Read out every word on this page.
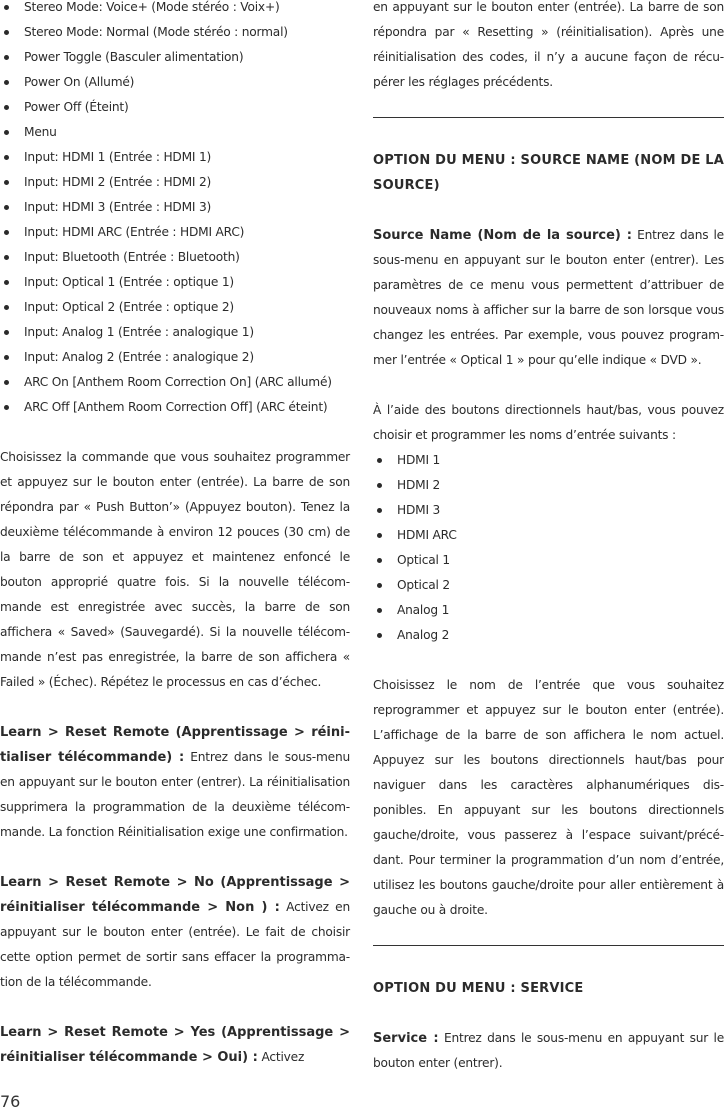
Stereo Mode: Voice+ (Mode stéréo : Voix+)
Stereo Mode: Normal (Mode stéréo : normal)
Power Toggle (Basculer alimentation)
Power On (Allumé)
Power Off (Éteint)
Menu
Input: HDMI 1 (Entrée : HDMI 1)
Input: HDMI 2 (Entrée : HDMI 2)
Input: HDMI 3 (Entrée : HDMI 3)
Input: HDMI ARC (Entrée : HDMI ARC)
Input: Bluetooth (Entrée : Bluetooth)
Input: Optical 1 (Entrée : optique 1)
Input: Optical 2 (Entrée : optique 2)
Input: Analog 1 (Entrée : analogique 1)
Input: Analog 2 (Entrée : analogique 2)
ARC On [Anthem Room Correction On] (ARC allumé)
ARC Off [Anthem Room Correction Off] (ARC éteint)

Choisissez la commande que vous souhaitez programmer et appuyez sur le bouton enter (entrée). La barre de son répondra par « Push Button’» (Appuyez bouton). Tenez la deuxième télécommande à environ 12 pouces (30 cm) de la barre de son et appuyez et maintenez enfoncé le bouton approprié quatre fois. Si la nouvelle télécom-mande est enregistrée avec succès, la barre de son affichera « Saved» (Sauvegardé). Si la nouvelle télécom-mande n’est pas enregistrée, la barre de son affichera « Failed » (Échec). Répétez le processus en cas d’échec.

Learn > Reset Remote (Apprentissage > réini-tialiser télécommande) : Entrez dans le sous-menu en appuyant sur le bouton enter (entrer). La réinitialisation supprimera la programmation de la deuxième télécom-mande. La fonction Réinitialisation exige une confirmation.

Learn > Reset Remote > No (Apprentissage > réinitialiser télécommande > Non ) : Activez en appuyant sur le bouton enter (entrée). Le fait de choisir cette option permet de sortir sans effacer la programma-tion de la télécommande.

Learn > Reset Remote > Yes (Apprentissage > réinitialiser télécommande > Oui) : Activez

en appuyant sur le bouton enter (entrée). La barre de son répondra par « Resetting » (réinitialisation). Après une réinitialisation des codes, il n’y a aucune façon de récu-pérer les réglages précédents.

OPTION DU MENU : SOURCE NAME (NOM DE LA SOURCE)

Source Name (Nom de la source) : Entrez dans le sous-menu en appuyant sur le bouton enter (entrer). Les paramètres de ce menu vous permettent d’attribuer de nouveaux noms à afficher sur la barre de son lorsque vous changez les entrées. Par exemple, vous pouvez program-mer l’entrée « Optical 1 » pour qu’elle indique « DVD ».

À l’aide des boutons directionnels haut/bas, vous pouvez choisir et programmer les noms d’entrée suivants :

HDMI 1
HDMI 2
HDMI 3
HDMI ARC
Optical 1
Optical 2
Analog 1
Analog 2

Choisissez le nom de l’entrée que vous souhaitez reprogrammer et appuyez sur le bouton enter (entrée). L’affichage de la barre de son affichera le nom actuel. Appuyez sur les boutons directionnels haut/bas pour naviguer dans les caractères alphanumériques dis-ponibles. En appuyant sur les boutons directionnels gauche/droite, vous passerez à l’espace suivant/précé-dant. Pour terminer la programmation d’un nom d’entrée, utilisez les boutons gauche/droite pour aller entièrement à gauche ou à droite.

OPTION DU MENU : SERVICE

Service : Entrez dans le sous-menu en appuyant sur le bouton enter (entrer).

76
